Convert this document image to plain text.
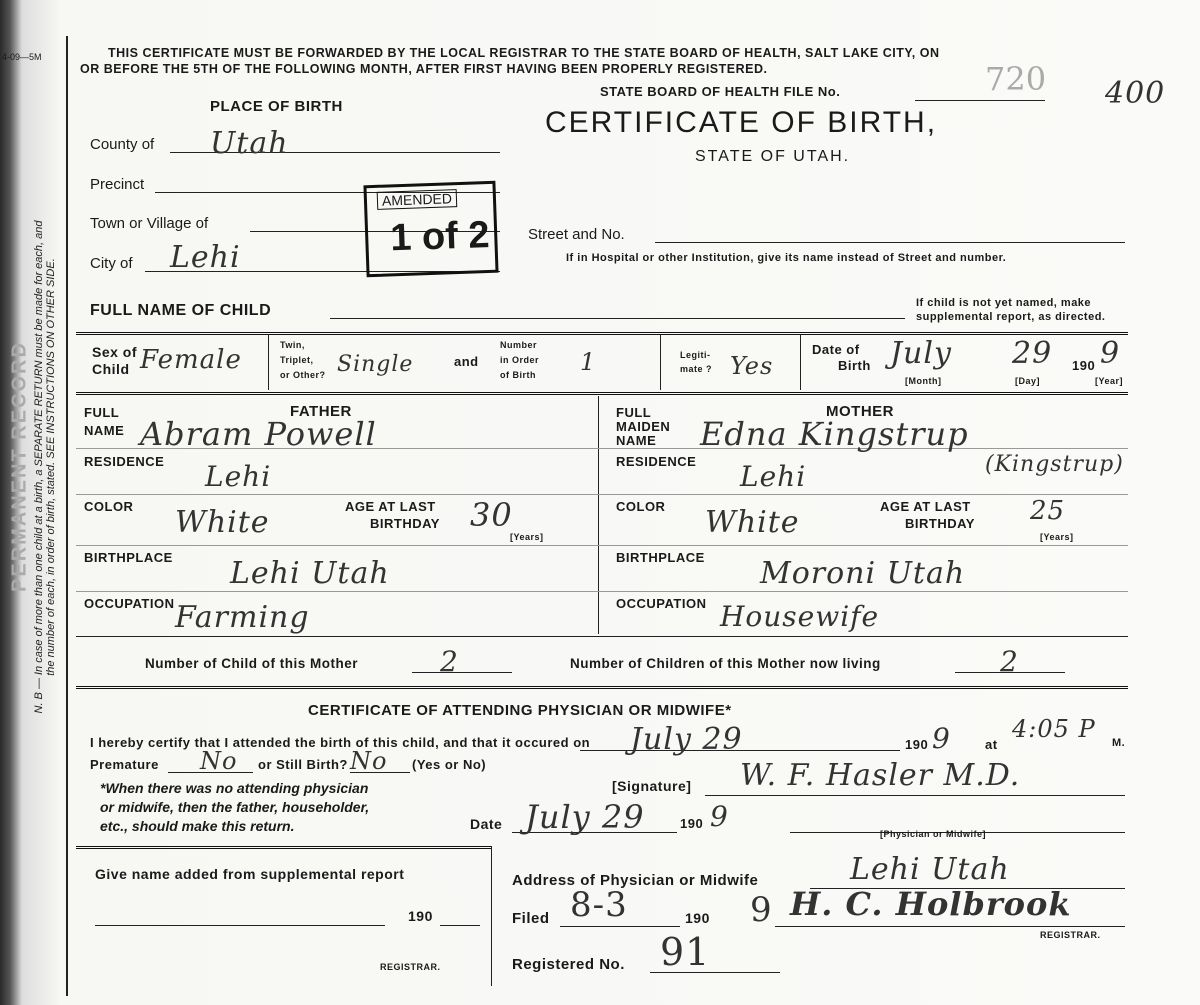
4-09—5M
PERMANENT RECORD N. B — In case of more than one child at a birth, a SEPARATE RETURN must be made for each, and the number of each, in order of birth, stated. SEE INSTRUCTIONS ON OTHER SIDE.
THIS CERTIFICATE MUST BE FORWARDED BY THE LOCAL REGISTRAR TO THE STATE BOARD OF HEALTH, SALT LAKE CITY, ON
OR BEFORE THE 5TH OF THE FOLLOWING MONTH, AFTER FIRST HAVING BEEN PROPERLY REGISTERED.
STATE BOARD OF HEALTH FILE No.	720 400
CERTIFICATE OF BIRTH,
STATE OF UTAH.
PLACE OF BIRTH
County of Utah
Precinct
Town or Village of
City of Lehi
AMENDED
1 of 2	Street and No.
If in Hospital or other Institution, give its name instead of Street and number.
FULL NAME OF CHILD	If child is not yet named, make
supplemental report, as directed.
Sex of
Child Female	Twin,
Triplet,
or Other? Single	and
Number
in Order
of Birth 1	Legiti-
mate ? Yes
Date of
Birth July 29 190 9
[Month]	[Day]	[Year]
FATHER
FULL
NAME Abram Powell
RESIDENCE Lehi
COLOR White	AGE AT LAST
BIRTHDAY 30
[Years]
BIRTHPLACE Lehi Utah
OCCUPATION Farming
MOTHER
FULL
MAIDEN
NAME Edna Kingstrup
(Kingstrup)
RESIDENCE Lehi
COLOR White	AGE AT LAST
BIRTHDAY 25
[Years]
BIRTHPLACE Moroni Utah
OCCUPATION Housewife
Number of Child of this Mother	2	Number of Children of this Mother now living	2
CERTIFICATE OF ATTENDING PHYSICIAN OR MIDWIFE*
I hereby certify that I attended the birth of this child, and that it occured on July 29	190 9	at
4:05 P M.
Premature No or Still Birth? No (Yes or No)
*When there was no attending physician
or midwife, then the father, householder,
etc., should make this return.
[Signature] W. F. Hasler M.D.
Date July 29	190 9
[Physician or Midwife]
Address of Physician or Midwife	Lehi Utah
Give name added from supplemental report
190
REGISTRAR.
Filed 8-3	190 9 H. C. Holbrook
REGISTRAR.
Registered No. 91
